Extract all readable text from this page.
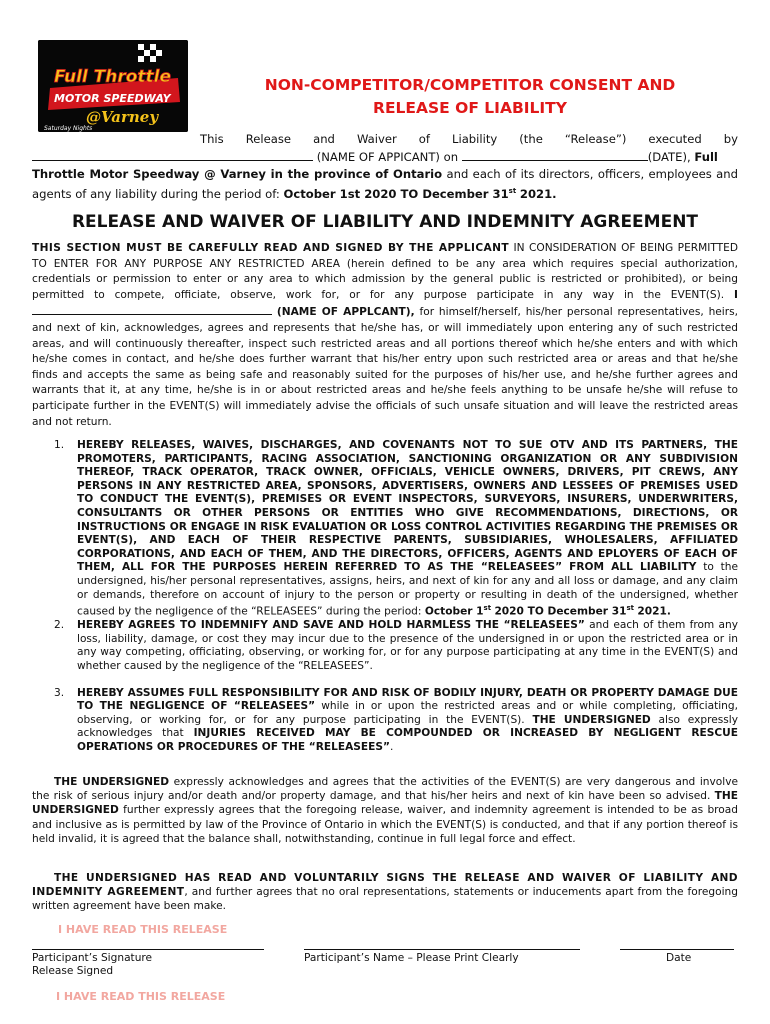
Full Throttle
MOTOR SPEEDWAY
@Varney
Saturday Nights
NON-COMPETITOR/COMPETITOR CONSENT AND
RELEASE OF LIABILITY
This Release and Waiver of Liability (the “Release”) executed by
(NAME OF APPICANT) on	(DATE), Full
Throttle Motor Speedway @ Varney in the province of Ontario and each of its directors, officers, employees and agents of any liability during the period of: October 1st 2020 TO December 31st 2021.
RELEASE AND WAIVER OF LIABILITY AND INDEMNITY AGREEMENT
THIS SECTION MUST BE CAREFULLY READ AND SIGNED BY THE APPLICANT IN CONSIDERATION OF BEING PERMITTED TO ENTER FOR ANY PURPOSE ANY RESTRICTED AREA (herein defined to be any area which requires special authorization, credentials or permission to enter or any area to which admission by the general public is restricted or prohibited), or being permitted to compete, officiate, observe, work for, or for any purpose participate in any way in the EVENT(S). I  (NAME OF APPLCANT), for himself/herself, his/her personal representatives, heirs, and next of kin, acknowledges, agrees and represents that he/she has, or will immediately upon entering any of such restricted areas, and will continuously thereafter, inspect such restricted areas and all portions thereof which he/she enters and with which he/she comes in contact, and he/she does further warrant that his/her entry upon such restricted area or areas and that he/she finds and accepts the same as being safe and reasonably suited for the purposes of his/her use, and he/she further agrees and warrants that it, at any time, he/she is in or about restricted areas and he/she feels anything to be unsafe he/she will refuse to participate further in the EVENT(S) will immediately advise the officials of such unsafe situation and will leave the restricted areas and not return.
1. HEREBY RELEASES, WAIVES, DISCHARGES, AND COVENANTS NOT TO SUE OTV AND ITS PARTNERS, THE PROMOTERS, PARTICIPANTS, RACING ASSOCIATION, SANCTIONING ORGANIZATION OR ANY SUBDIVISION THEREOF, TRACK OPERATOR, TRACK OWNER, OFFICIALS, VEHICLE OWNERS, DRIVERS, PIT CREWS, ANY PERSONS IN ANY RESTRICTED AREA, SPONSORS, ADVERTISERS, OWNERS AND LESSEES OF PREMISES USED TO CONDUCT THE EVENT(S), PREMISES OR EVENT INSPECTORS, SURVEYORS, INSURERS, UNDERWRITERS, CONSULTANTS OR OTHER PERSONS OR ENTITIES WHO GIVE RECOMMENDATIONS, DIRECTIONS, OR INSTRUCTIONS OR ENGAGE IN RISK EVALUATION OR LOSS CONTROL ACTIVITIES REGARDING THE PREMISES OR EVENT(S), AND EACH OF THEIR RESPECTIVE PARENTS, SUBSIDIARIES, WHOLESALERS, AFFILIATED CORPORATIONS, AND EACH OF THEM, AND THE DIRECTORS, OFFICERS, AGENTS AND EPLOYERS OF EACH OF THEM, ALL FOR THE PURPOSES HEREIN REFERRED TO AS THE “RELEASEES” FROM ALL LIABILITY to the undersigned, his/her personal representatives, assigns, heirs, and next of kin for any and all loss or damage, and any claim or demands, therefore on account of injury to the person or property or resulting in death of the undersigned, whether caused by the negligence of the “RELEASEES” during the period: October 1st 2020 TO December 31st 2021.
2. HEREBY AGREES TO INDEMNIFY AND SAVE AND HOLD HARMLESS THE “RELEASEES” and each of them from any loss, liability, damage, or cost they may incur due to the presence of the undersigned in or upon the restricted area or in any way competing, officiating, observing, or working for, or for any purpose participating at any time in the EVENT(S) and whether caused by the negligence of the “RELEASEES”.
3. HEREBY ASSUMES FULL RESPONSIBILITY FOR AND RISK OF BODILY INJURY, DEATH OR PROPERTY DAMAGE DUE TO THE NEGLIGENCE OF “RELEASEES” while in or upon the restricted areas and or while completing, officiating, observing, or working for, or for any purpose participating in the EVENT(S). THE UNDERSIGNED also expressly acknowledges that INJURIES RECEIVED MAY BE COMPOUNDED OR INCREASED BY NEGLIGENT RESCUE OPERATIONS OR PROCEDURES OF THE “RELEASEES”.
THE UNDERSIGNED expressly acknowledges and agrees that the activities of the EVENT(S) are very dangerous and involve the risk of serious injury and/or death and/or property damage, and that his/her heirs and next of kin have been so advised. THE UNDERSIGNED further expressly agrees that the foregoing release, waiver, and indemnity agreement is intended to be as broad and inclusive as is permitted by law of the Province of Ontario in which the EVENT(S) is conducted, and that if any portion thereof is held invalid, it is agreed that the balance shall, notwithstanding, continue in full legal force and effect.
THE UNDERSIGNED HAS READ AND VOLUNTARILY SIGNS THE RELEASE AND WAIVER OF LIABILITY AND INDEMNITY AGREEMENT, and further agrees that no oral representations, statements or inducements apart from the foregoing written agreement have been make.
I HAVE READ THIS RELEASE
Participant’s Signature
Release Signed
Participant’s Name – Please Print Clearly	Date
I HAVE READ THIS RELEASE
